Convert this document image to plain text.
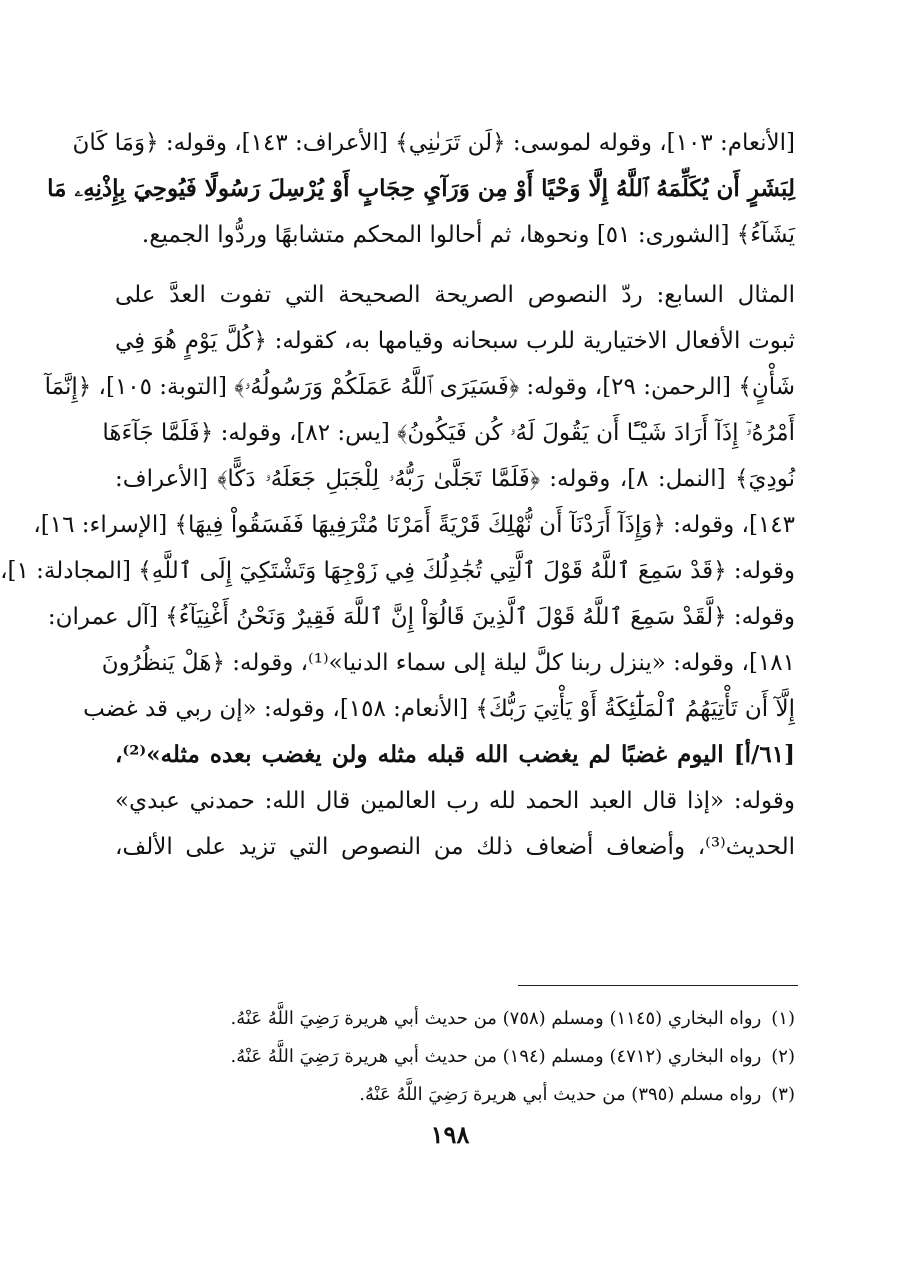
[الأنعام: ١٠٣]، وقوله لموسى: ﴿لَن تَرَىٰنِي﴾ [الأعراف: ١٤٣]، وقوله: ﴿وَمَا كَانَ
لِبَشَرٍ أَن يُكَلِّمَهُ ٱللَّهُ إِلَّا وَحْيًا أَوْ مِن وَرَآيِ حِجَابٍ أَوْ يُرْسِلَ رَسُولًا فَيُوحِيَ بِإِذْنِهِۦ مَا
يَشَآءُ﴾ [الشورى: ٥١] ونحوها، ثم أحالوا المحكم متشابهًا وردُّوا الجميع.
المثال السابع: ردّ النصوص الصريحة الصحيحة التي تفوت العدَّ على
ثبوت الأفعال الاختيارية للرب سبحانه وقيامها به، كقوله: ﴿كُلَّ يَوْمٍ هُوَ فِي
شَأْنٍ﴾ [الرحمن: ٢٩]، وقوله: ﴿فَسَيَرَى ٱللَّهُ عَمَلَكُمْ وَرَسُولُهُۥ﴾ [التوبة: ١٠٥]، ﴿إِنَّمَآ
أَمْرُهُۥٓ إِذَآ أَرَادَ شَيْـًٔا أَن يَقُولَ لَهُۥ كُن فَيَكُونُ﴾ [يس: ٨٢]، وقوله: ﴿فَلَمَّا جَآءَهَا
نُودِيَ﴾ [النمل: ٨]، وقوله: ﴿فَلَمَّا تَجَلَّىٰ رَبُّهُۥ لِلْجَبَلِ جَعَلَهُۥ دَكًّا﴾ [الأعراف:
١٤٣]، وقوله: ﴿وَإِذَآ أَرَدْنَآ أَن نُّهْلِكَ قَرْيَةً أَمَرْنَا مُتْرَفِيهَا فَفَسَقُواْ فِيهَا﴾ [الإسراء: ١٦]،
وقوله: ﴿قَدْ سَمِعَ ٱللَّهُ قَوْلَ ٱلَّتِي تُجَٰدِلُكَ فِي زَوْجِهَا وَتَشْتَكِيٓ إِلَى ٱللَّهِ﴾ [المجادلة: ١]،
وقوله: ﴿لَّقَدْ سَمِعَ ٱللَّهُ قَوْلَ ٱلَّذِينَ قَالُوٓاْ إِنَّ ٱللَّهَ فَقِيرٌ وَنَحْنُ أَغْنِيَآءُ﴾ [آل عمران:
١٨١]، وقوله: «ينزل ربنا كلَّ ليلة إلى سماء الدنيا»⁽¹⁾، وقوله: ﴿هَلْ يَنظُرُونَ
إِلَّآ أَن تَأْتِيَهُمُ ٱلْمَلَٰٓئِكَةُ أَوْ يَأْتِيَ رَبُّكَ﴾ [الأنعام: ١٥٨]، وقوله: «إن ربي قد غضب
[٦١/أ] اليوم غضبًا لم يغضب الله قبله مثله ولن يغضب بعده مثله»⁽²⁾،
وقوله: «إذا قال العبد الحمد لله رب العالمين قال الله: حمدني عبدي»
الحديث⁽³⁾، وأضعاف أضعاف ذلك من النصوص التي تزيد على الألف،
(١)رواه البخاري (١١٤٥) ومسلم (٧٥٨) من حديث أبي هريرة رَضِيَ اللَّهُ عَنْهُ.
(٢)رواه البخاري (٤٧١٢) ومسلم (١٩٤) من حديث أبي هريرة رَضِيَ اللَّهُ عَنْهُ.
(٣)رواه مسلم (٣٩٥) من حديث أبي هريرة رَضِيَ اللَّهُ عَنْهُ.
١٩٨
